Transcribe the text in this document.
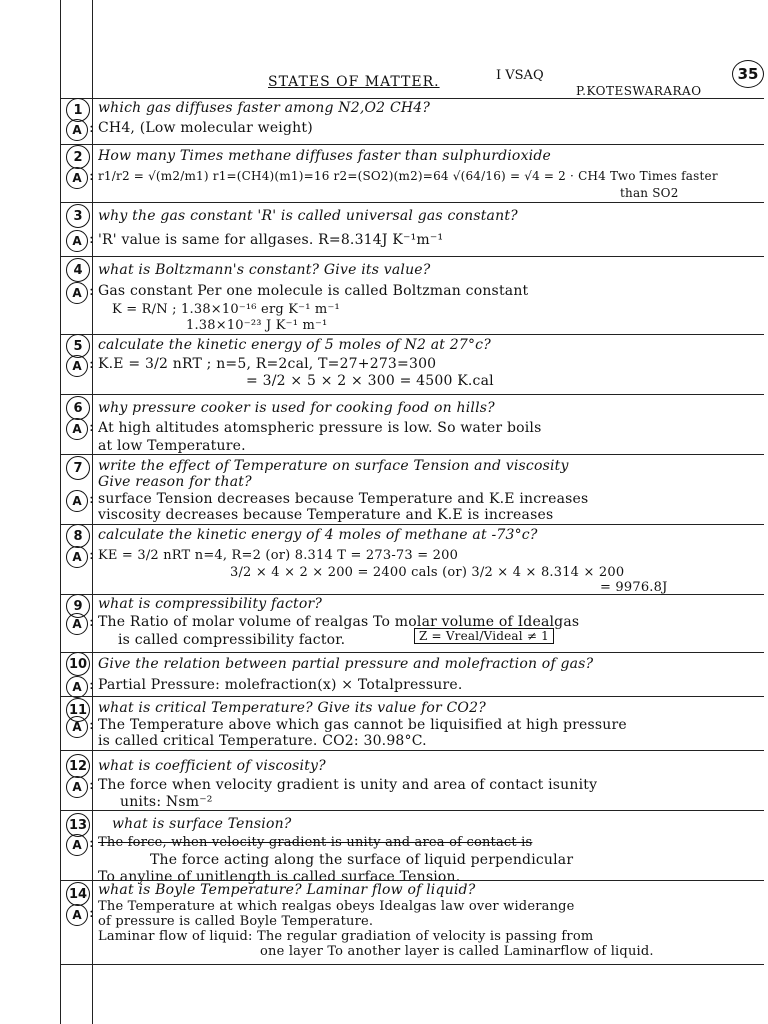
STATES OF MATTER.	I VSAQ
P.KOTESWARARAO
35
1	which gas diffuses faster among N2,O2 CH4?
A : CH4, (Low molecular weight)
2	How many Times methane diffuses faster than sulphurdioxide
A : r1/r2 = √(m2/m1) r1=(CH4)(m1)=16 r2=(SO2)(m2)=64 √(64/16) = √4 = 2 · CH4 Two Times faster
than SO2
3	why the gas constant 'R' is called universal gas constant?
A : 'R' value is same for allgases. R=8.314J K⁻¹m⁻¹
4	what is Boltzmann's constant? Give its value?
A : Gas constant Per one molecule is called Boltzman constant
K = R/N ; 1.38×10⁻¹⁶ erg K⁻¹ m⁻¹
1.38×10⁻²³ J K⁻¹ m⁻¹
5	calculate the kinetic energy of 5 moles of N2 at 27°c?
A : K.E = 3/2 nRT ; n=5, R=2cal, T=27+273=300
= 3/2 × 5 × 2 × 300 = 4500 K.cal
6	why pressure cooker is used for cooking food on hills?
A : At high altitudes atomspheric pressure is low. So water boils
at low Temperature.
7	write the effect of Temperature on surface Tension and viscosity
Give reason for that?
A : surface Tension decreases because Temperature and K.E increases
viscosity decreases because Temperature and K.E is increases
8	calculate the kinetic energy of 4 moles of methane at -73°c?
A : KE = 3/2 nRT n=4, R=2 (or) 8.314 T = 273-73 = 200
3/2 × 4 × 2 × 200 = 2400 cals (or) 3/2 × 4 × 8.314 × 200
= 9976.8J
9	what is compressibility factor?
A : The Ratio of molar volume of realgas To molar volume of Idealgas
is called compressibility factor.	Z = Vreal/Videal ≠ 1
10 Give the relation between partial pressure and molefraction of gas?
A : Partial Pressure: molefraction(x) × Totalpressure.
11 what is critical Temperature? Give its value for CO2?
A : The Temperature above which gas cannot be liquisified at high pressure
is called critical Temperature. CO2: 30.98°C.
12 what is coefficient of viscosity?
A : The force when velocity gradient is unity and area of contact isunity
units: Nsm⁻²
13 what is surface Tension?
A : The force, when velocity gradient is unity and area of contact is
The force acting along the surface of liquid perpendicular
To anyline of unitlength is called surface Tension.
14 what is Boyle Temperature? Laminar flow of liquid?
A : The Temperature at which realgas obeys Idealgas law over widerange
of pressure is called Boyle Temperature.
Laminar flow of liquid: The regular gradiation of velocity is passing from
one layer To another layer is called Laminarflow of liquid.
